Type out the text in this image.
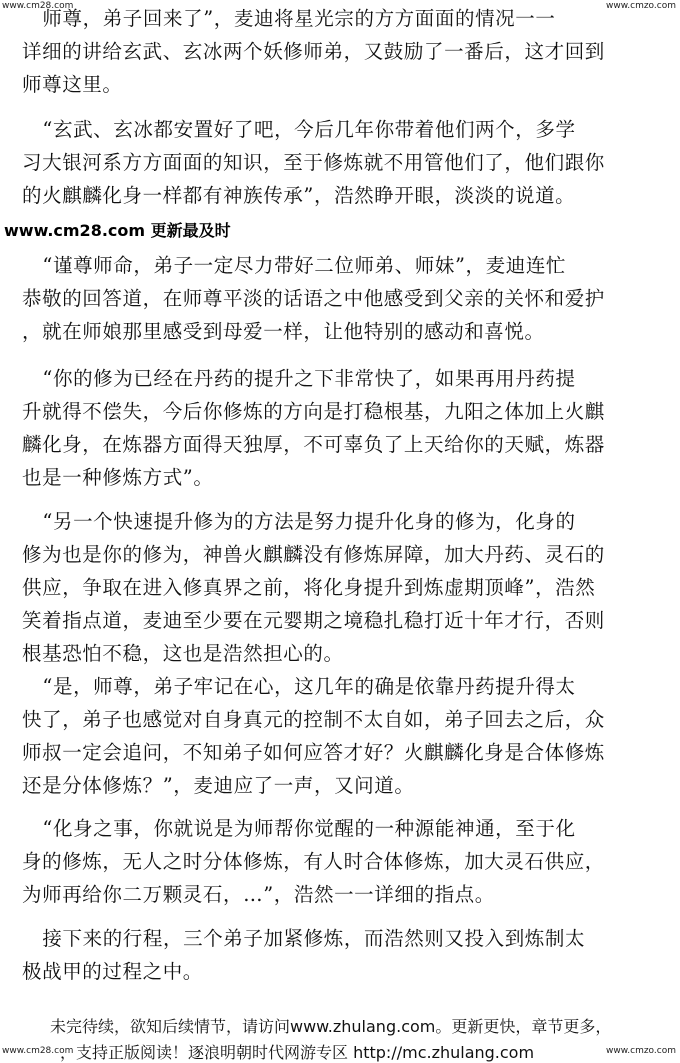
www.cm28.com	www.cmzo.com

师尊，弟子回来了”，麦迪将星光宗的方方面面的情况一一
详细的讲给玄武、玄冰两个妖修师弟，又鼓励了一番后，这才回到
师尊这里。

“玄武、玄冰都安置好了吧，今后几年你带着他们两个，多学
习大银河系方方面面的知识，至于修炼就不用管他们了，他们跟你
的火麒麟化身一样都有神族传承”，浩然睁开眼，淡淡的说道。

www.cm28.com 更新最及时

“谨尊师命，弟子一定尽力带好二位师弟、师妹”，麦迪连忙
恭敬的回答道，在师尊平淡的话语之中他感受到父亲的关怀和爱护
，就在师娘那里感受到母爱一样，让他特别的感动和喜悦。

“你的修为已经在丹药的提升之下非常快了，如果再用丹药提
升就得不偿失，今后你修炼的方向是打稳根基，九阳之体加上火麒
麟化身，在炼器方面得天独厚，不可辜负了上天给你的天赋，炼器
也是一种修炼方式”。

“另一个快速提升修为的方法是努力提升化身的修为，化身的
修为也是你的修为，神兽火麒麟没有修炼屏障，加大丹药、灵石的
供应，争取在进入修真界之前，将化身提升到炼虚期顶峰”，浩然
笑着指点道，麦迪至少要在元婴期之境稳扎稳打近十年才行，否则
根基恐怕不稳，这也是浩然担心的。

“是，师尊，弟子牢记在心，这几年的确是依靠丹药提升得太
快了，弟子也感觉对自身真元的控制不太自如，弟子回去之后，众
师叔一定会追问，不知弟子如何应答才好？火麒麟化身是合体修炼
还是分体修炼？”，麦迪应了一声，又问道。

“化身之事，你就说是为师帮你觉醒的一种源能神通，至于化
身的修炼，无人之时分体修炼，有人时合体修炼，加大灵石供应，
为师再给你二万颗灵石，…”，浩然一一详细的指点。

接下来的行程，三个弟子加紧修炼，而浩然则又投入到炼制太
极战甲的过程之中。

未完待续，欲知后续情节，请访问www.zhulang.com。更新更快，章节更多，
，支持正版阅读！逐浪明朝时代网游专区 http://mc.zhulang.com
www.cm28.com	www.cmzo.com
